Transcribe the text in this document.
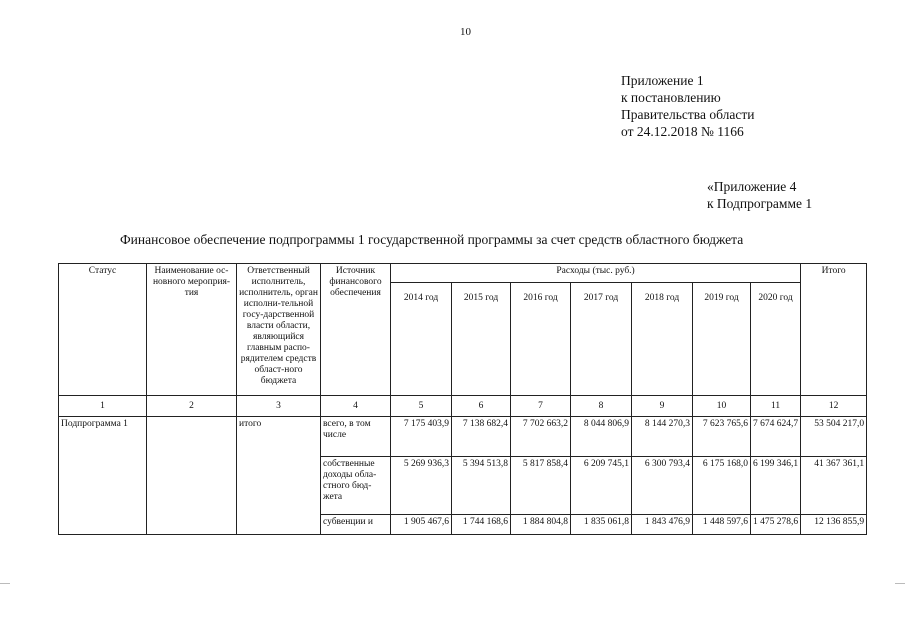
10
Приложение 1
к постановлению
Правительства области
от 24.12.2018 № 1166
«Приложение 4
к Подпрограмме 1
Финансовое обеспечение подпрограммы 1 государственной программы за счет средств областного бюджета
Статус	Наименование ос-новного мероприя-тия	Ответственный исполнитель, исполнитель, орган исполни-тельной госу-дарственной власти области, являющийся главным распо-рядителем средств област-ного бюджета	Источник финансового обеспечения	Расходы (тыс. руб.)							Итого
				2014 год	2015 год	2016 год	2017 год	2018 год	2019 год	2020 год	
1	2	3	4	5	6	7	8	9	10	11	12
Подпрограмма 1		итого	всего, в том числе	7 175 403,9	7 138 682,4	7 702 663,2	8 044 806,9	8 144 270,3	7 623 765,6	7 674 624,7	53 504 217,0
			собственные доходы обла-стного бюд-жета	5 269 936,3	5 394 513,8	5 817 858,4	6 209 745,1	6 300 793,4	6 175 168,0	6 199 346,1	41 367 361,1
			субвенции и	1 905 467,6	1 744 168,6	1 884 804,8	1 835 061,8	1 843 476,9	1 448 597,6	1 475 278,6	12 136 855,9
